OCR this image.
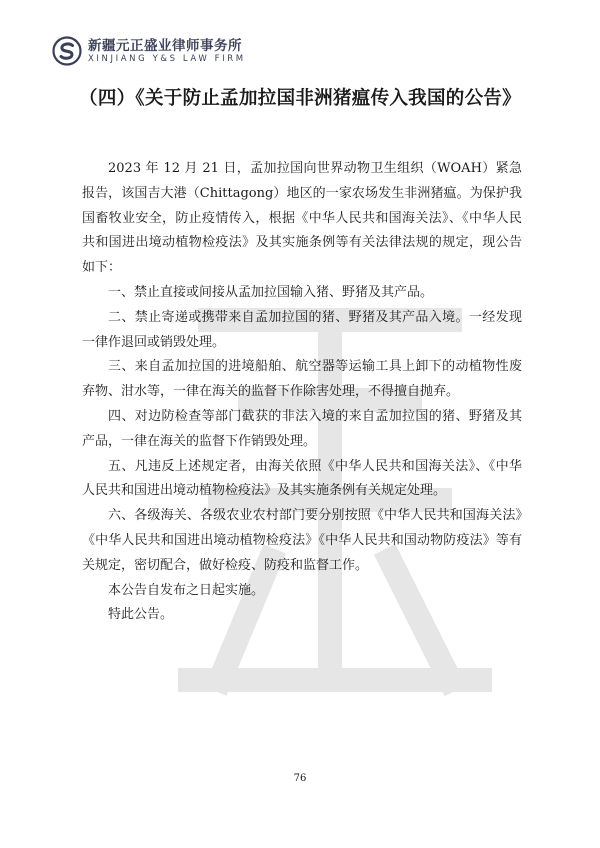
新疆元正盛业律师事务所
XINJIANG Y&S LAW FIRM
（四）《关于防止孟加拉国非洲猪瘟传入我国的公告》

2023 年 12 月 21 日，孟加拉国向世界动物卫生组织（WOAH）紧急报告，该国吉大港（Chittagong）地区的一家农场发生非洲猪瘟。为保护我国畜牧业安全，防止疫情传入，根据《中华人民共和国海关法》、《中华人民共和国进出境动植物检疫法》及其实施条例等有关法律法规的规定，现公告如下：

一、禁止直接或间接从孟加拉国输入猪、野猪及其产品。

二、禁止寄递或携带来自孟加拉国的猪、野猪及其产品入境。一经发现一律作退回或销毁处理。

三、来自孟加拉国的进境船舶、航空器等运输工具上卸下的动植物性废弃物、泔水等，一律在海关的监督下作除害处理，不得擅自抛弃。

四、对边防检查等部门截获的非法入境的来自孟加拉国的猪、野猪及其产品，一律在海关的监督下作销毁处理。

五、凡违反上述规定者，由海关依照《中华人民共和国海关法》、《中华人民共和国进出境动植物检疫法》及其实施条例有关规定处理。

六、各级海关、各级农业农村部门要分别按照《中华人民共和国海关法》《中华人民共和国进出境动植物检疫法》《中华人民共和国动物防疫法》等有关规定，密切配合，做好检疫、防疫和监督工作。

本公告自发布之日起实施。

特此公告。

76
